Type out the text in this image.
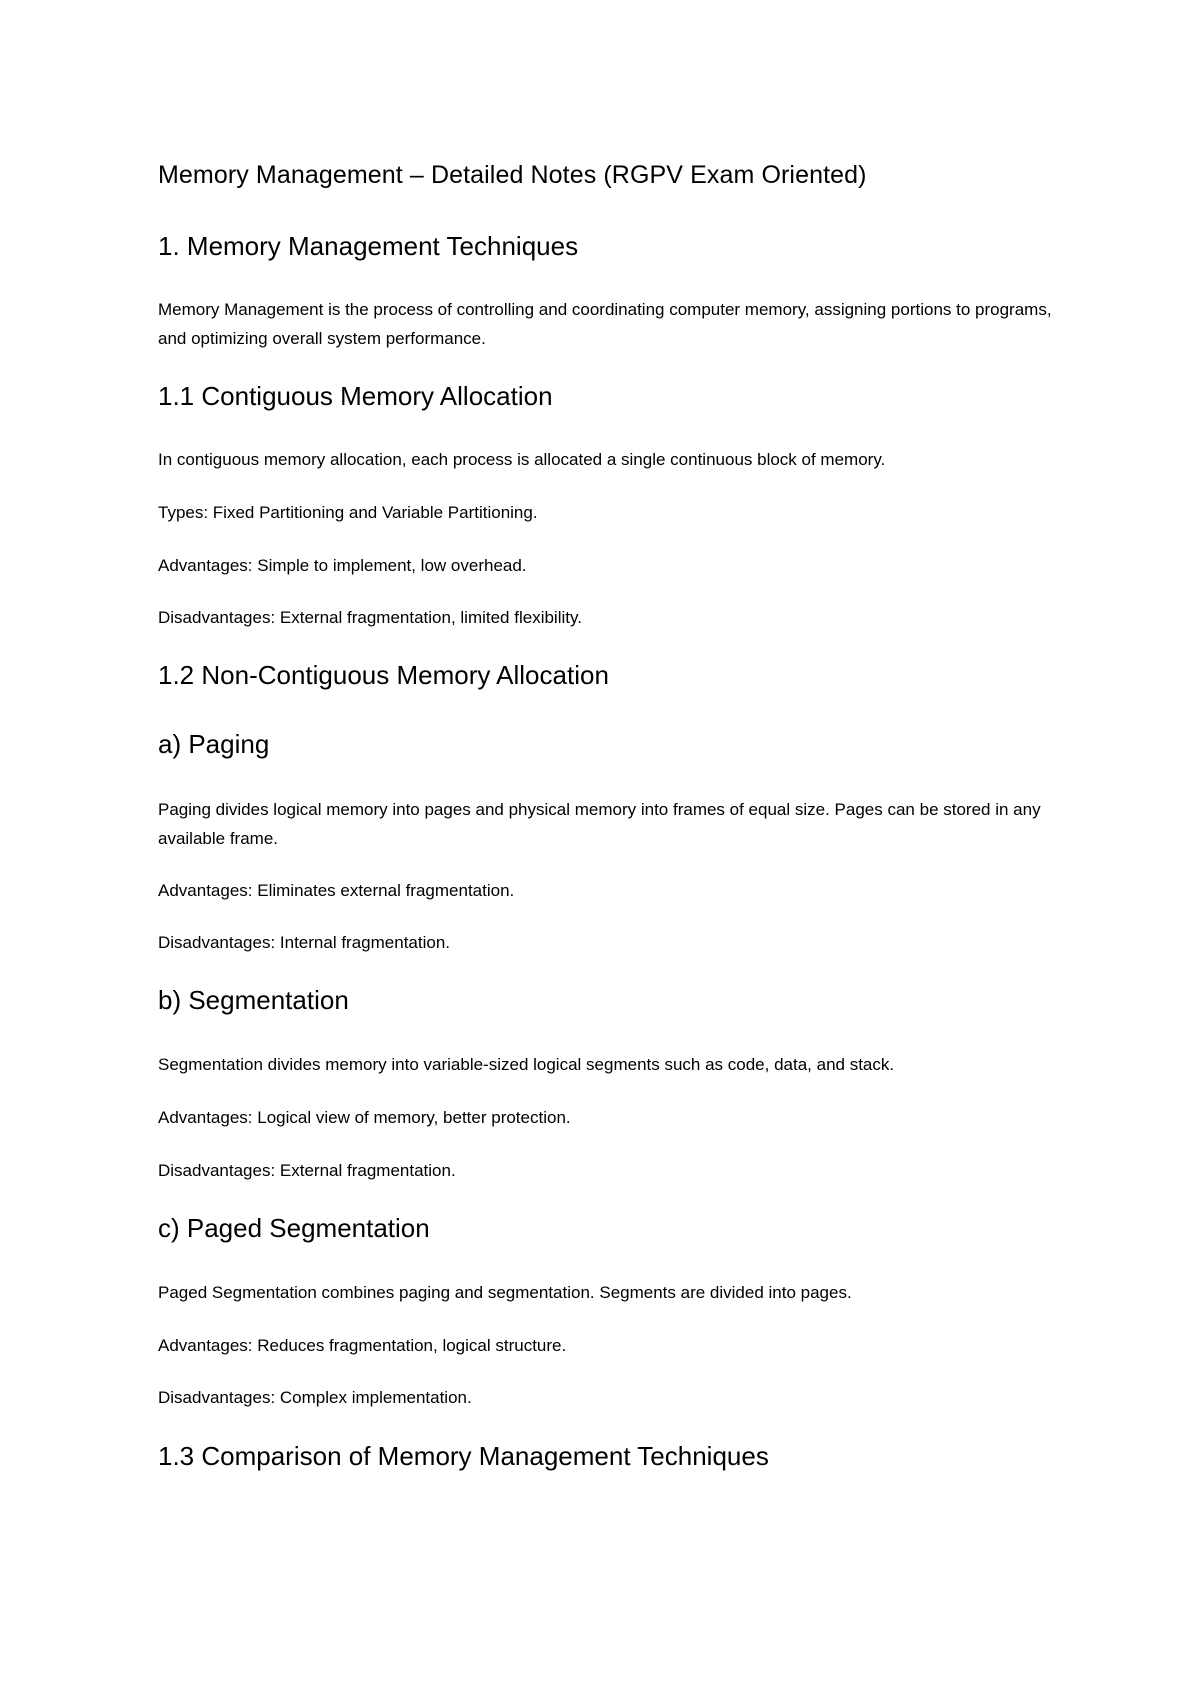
Memory Management – Detailed Notes (RGPV Exam Oriented)
1. Memory Management Techniques

Memory Management is the process of controlling and coordinating computer memory, assigning portions to programs, and optimizing overall system performance.

1.1 Contiguous Memory Allocation

In contiguous memory allocation, each process is allocated a single continuous block of memory.

Types: Fixed Partitioning and Variable Partitioning.

Advantages: Simple to implement, low overhead.

Disadvantages: External fragmentation, limited flexibility.

1.2 Non-Contiguous Memory Allocation
a) Paging

Paging divides logical memory into pages and physical memory into frames of equal size. Pages can be stored in any available frame.

Advantages: Eliminates external fragmentation.

Disadvantages: Internal fragmentation.

b) Segmentation

Segmentation divides memory into variable-sized logical segments such as code, data, and stack.

Advantages: Logical view of memory, better protection.

Disadvantages: External fragmentation.

c) Paged Segmentation

Paged Segmentation combines paging and segmentation. Segments are divided into pages.

Advantages: Reduces fragmentation, logical structure.

Disadvantages: Complex implementation.

1.3 Comparison of Memory Management Techniques
